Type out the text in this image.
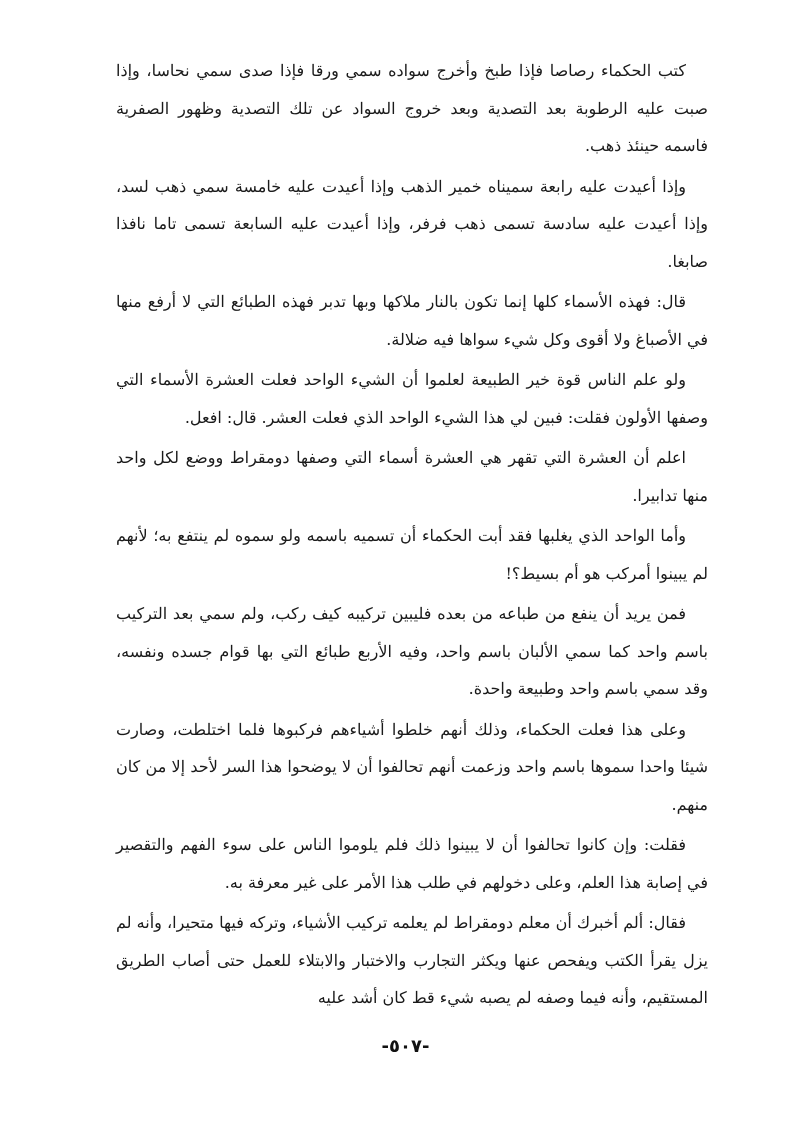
كتب الحكماء رصاصا فإذا طبخ وأخرج سواده سمي ورقا فإذا صدى سمي نحاسا، وإذا صبت عليه الرطوبة بعد التصدية وبعد خروج السواد عن تلك التصدية وظهور الصفرية فاسمه حينئذ ذهب.

وإذا أعيدت عليه رابعة سميناه خمير الذهب وإذا أعيدت عليه خامسة سمي ذهب لسد، وإذا أعيدت عليه سادسة تسمى ذهب فرفر، وإذا أعيدت عليه السابعة تسمى تاما نافذا صابغا.

قال: فهذه الأسماء كلها إنما تكون بالنار ملاكها وبها تدبر فهذه الطبائع التي لا أرفع منها في الأصباغ ولا أقوى وكل شيء سواها فيه ضلالة.

ولو علم الناس قوة خير الطبيعة لعلموا أن الشيء الواحد فعلت العشرة الأسماء التي وصفها الأولون فقلت: فبين لي هذا الشيء الواحد الذي فعلت العشر. قال: افعل.

اعلم أن العشرة التي تقهر هي العشرة أسماء التي وصفها دومقراط ووضع لكل واحد منها تدابيرا.

وأما الواحد الذي يغلبها فقد أبت الحكماء أن تسميه باسمه ولو سموه لم ينتفع به؛ لأنهم لم يبينوا أمركب هو أم بسيط؟!

فمن يريد أن ينفع من طباعه من بعده فليبين تركيبه كيف ركب، ولم سمي بعد التركيب باسم واحد كما سمي الألبان باسم واحد، وفيه الأربع طبائع التي بها قوام جسده ونفسه، وقد سمي باسم واحد وطبيعة واحدة.

وعلى هذا فعلت الحكماء، وذلك أنهم خلطوا أشياءهم فركبوها فلما اختلطت، وصارت شيئا واحدا سموها باسم واحد وزعمت أنهم تحالفوا أن لا يوضحوا هذا السر لأحد إلا من كان منهم.

فقلت: وإن كانوا تحالفوا أن لا يبينوا ذلك فلم يلوموا الناس على سوء الفهم والتقصير في إصابة هذا العلم، وعلى دخولهم في طلب هذا الأمر على غير معرفة به.

فقال: ألم أخبرك أن معلم دومقراط لم يعلمه تركيب الأشياء، وتركه فيها متحيرا، وأنه لم يزل يقرأ الكتب ويفحص عنها ويكثر التجارب والاختبار والابتلاء للعمل حتى أصاب الطريق المستقيم، وأنه فيما وصفه لم يصبه شيء قط كان أشد عليه

-٥٠٧-
